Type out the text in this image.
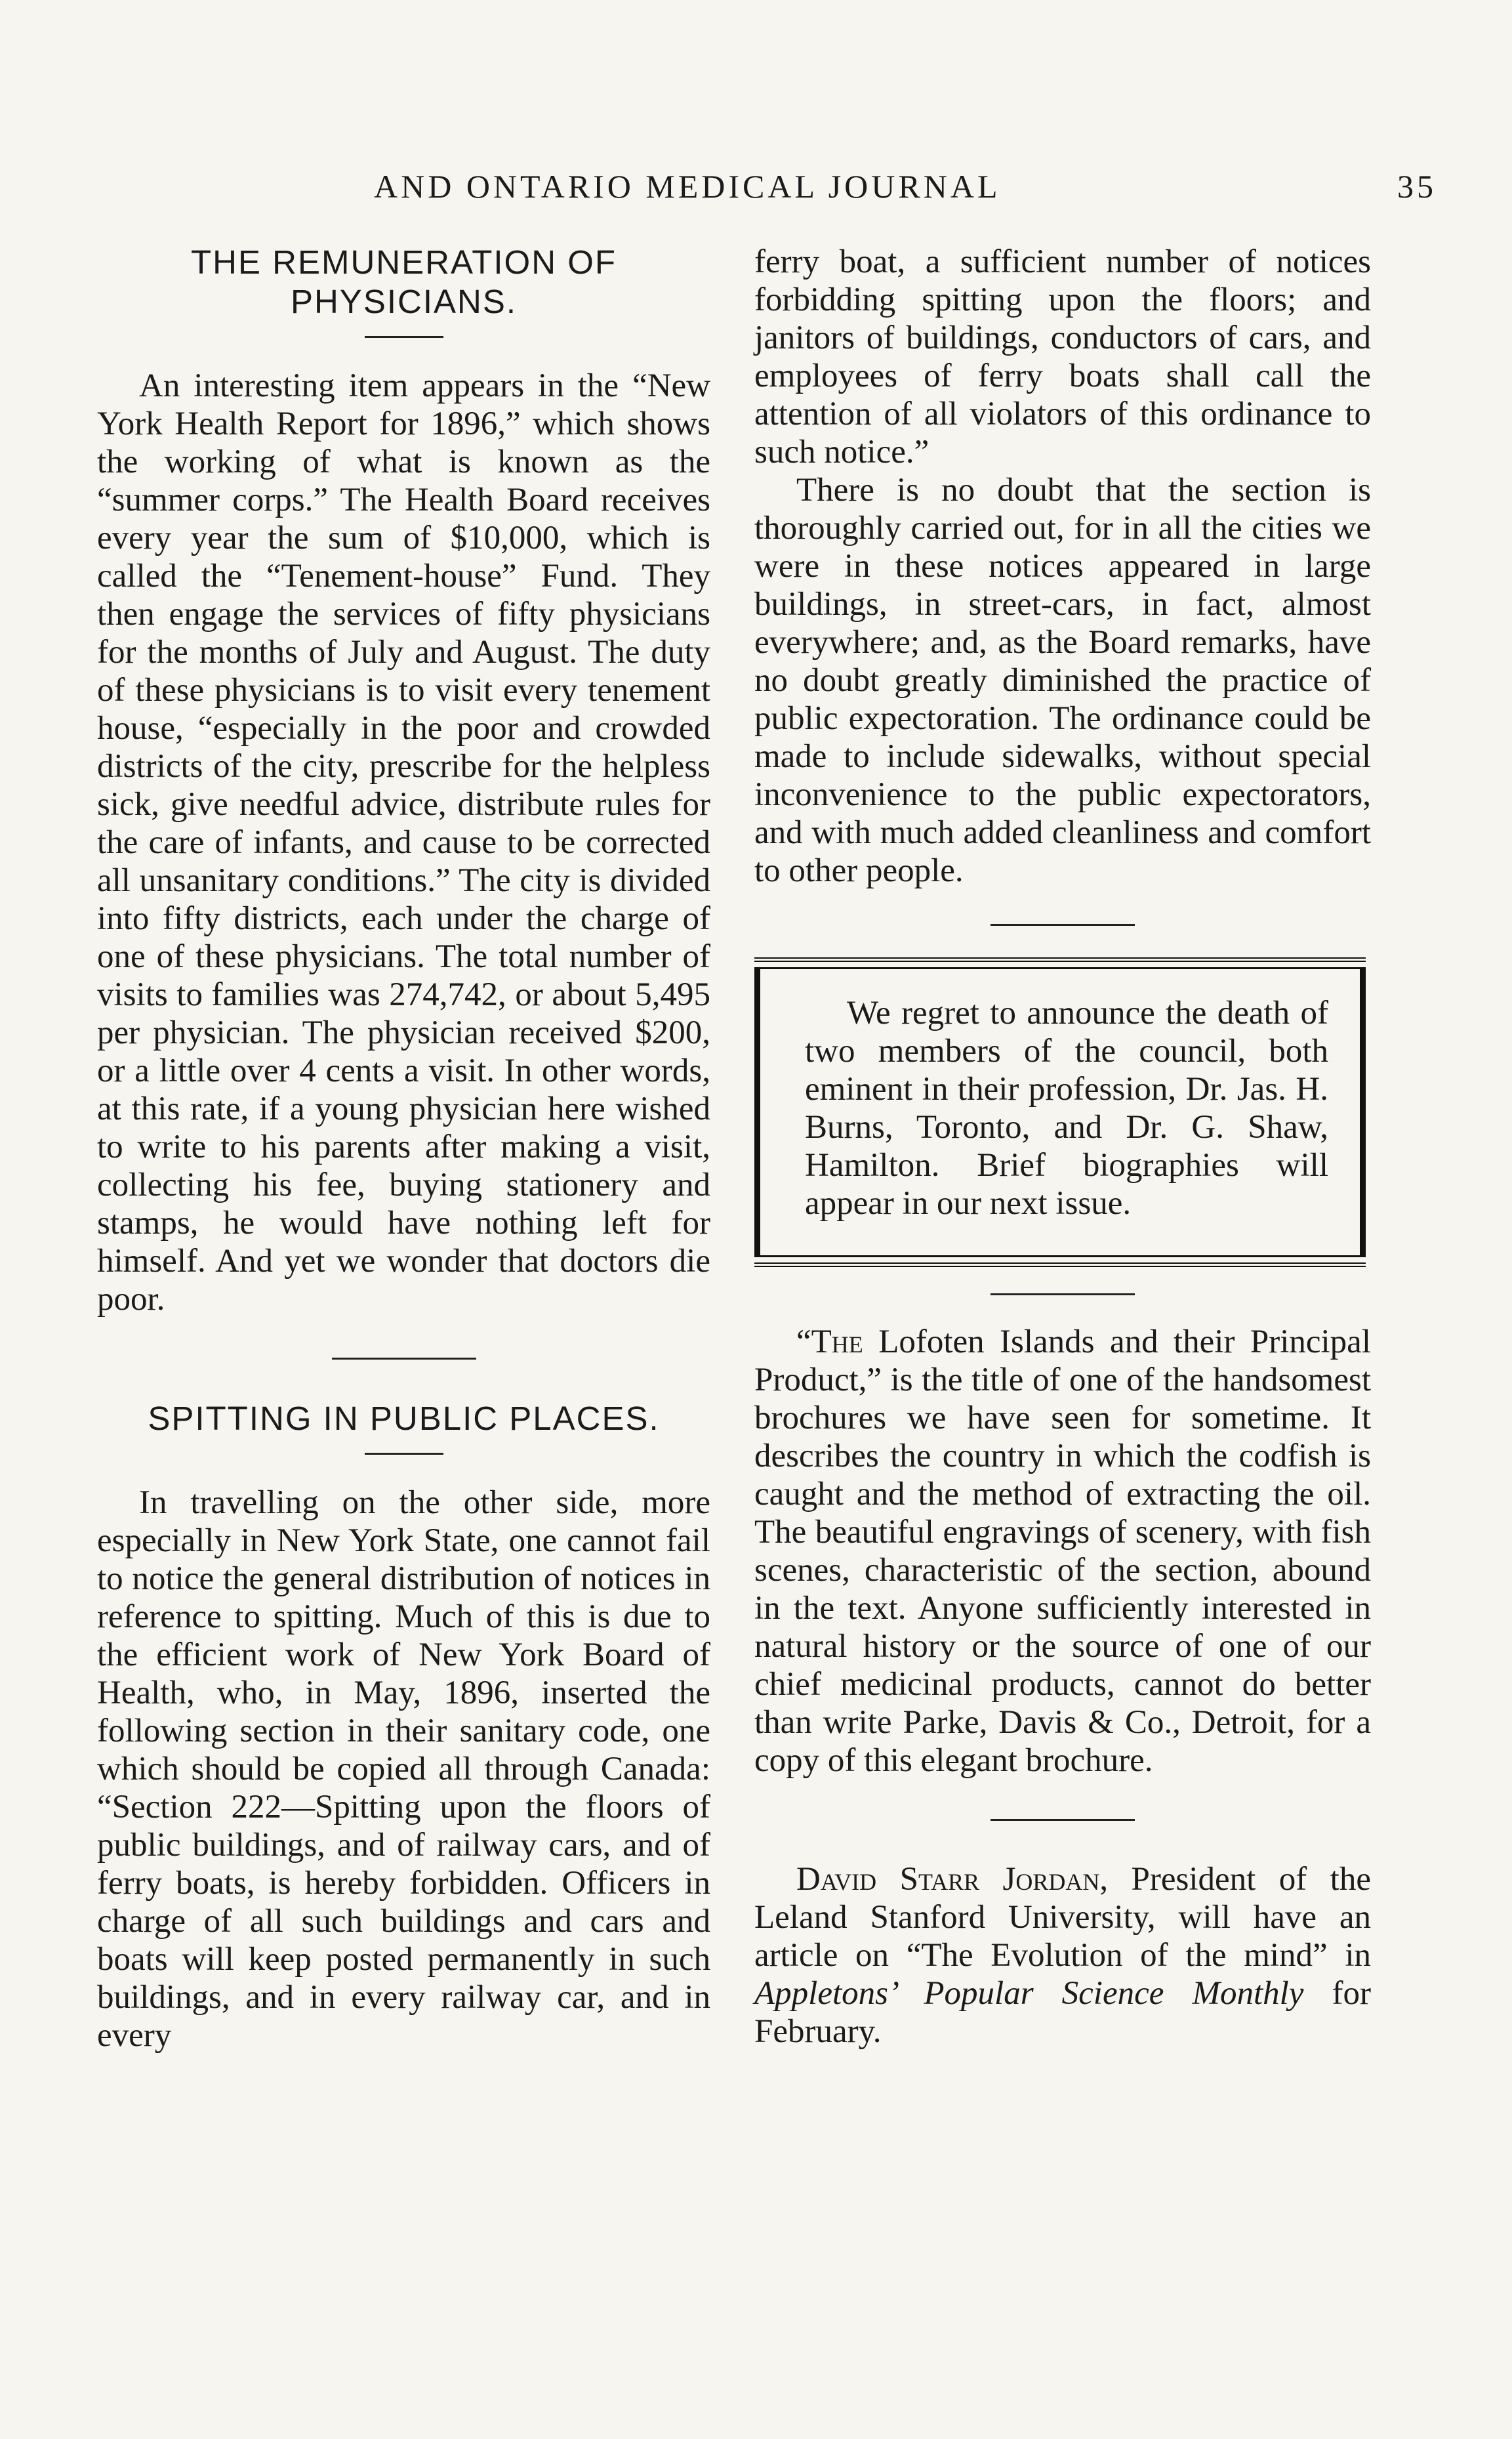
AND ONTARIO MEDICAL JOURNAL	35
THE REMUNERATION OF
PHYSICIANS.

An interesting item appears in the “New York Health Report for 1896,” which shows the working of what is known as the “summer corps.” The Health Board receives every year the sum of $10,000, which is called the “Tenement-house” Fund. They then engage the services of fifty physicians for the months of July and August. The duty of these physicians is to visit every tenement house, “especially in the poor and crowded districts of the city, prescribe for the helpless sick, give needful advice, distribute rules for the care of infants, and cause to be corrected all unsanitary conditions.” The city is divided into fifty districts, each under the charge of one of these physicians. The total number of visits to families was 274,742, or about 5,495 per physician. The physician received $200, or a little over 4 cents a visit. In other words, at this rate, if a young physician here wished to write to his parents after making a visit, collecting his fee, buying stationery and stamps, he would have nothing left for himself. And yet we wonder that doctors die poor.

SPITTING IN PUBLIC PLACES.

In travelling on the other side, more especially in New York State, one cannot fail to notice the general distribution of notices in reference to spitting. Much of this is due to the efficient work of New York Board of Health, who, in May, 1896, inserted the following section in their sanitary code, one which should be copied all through Canada: “Section 222—Spitting upon the floors of public buildings, and of railway cars, and of ferry boats, is hereby forbidden. Officers in charge of all such buildings and cars and boats will keep posted permanently in such buildings, and in every railway car, and in every

ferry boat, a sufficient number of notices forbidding spitting upon the floors; and janitors of buildings, conductors of cars, and employees of ferry boats shall call the attention of all violators of this ordinance to such notice.”

There is no doubt that the section is thoroughly carried out, for in all the cities we were in these notices appeared in large buildings, in street-cars, in fact, almost everywhere; and, as the Board remarks, have no doubt greatly diminished the practice of public expectoration. The ordinance could be made to include sidewalks, without special inconvenience to the public expectorators, and with much added cleanliness and comfort to other people.

We regret to announce the death of two members of the council, both eminent in their profession, Dr. Jas. H. Burns, Toronto, and Dr. G. Shaw, Hamilton. Brief biographies will appear in our next issue.

“The Lofoten Islands and their Principal Product,” is the title of one of the handsomest brochures we have seen for sometime. It describes the country in which the codfish is caught and the method of extracting the oil. The beautiful engravings of scenery, with fish scenes, characteristic of the section, abound in the text. Anyone sufficiently interested in natural history or the source of one of our chief medicinal products, cannot do better than write Parke, Davis & Co., Detroit, for a copy of this elegant brochure.

David Starr Jordan, President of the Leland Stanford University, will have an article on “The Evolution of the mind” in Appletons’ Popular Science Monthly for February.
